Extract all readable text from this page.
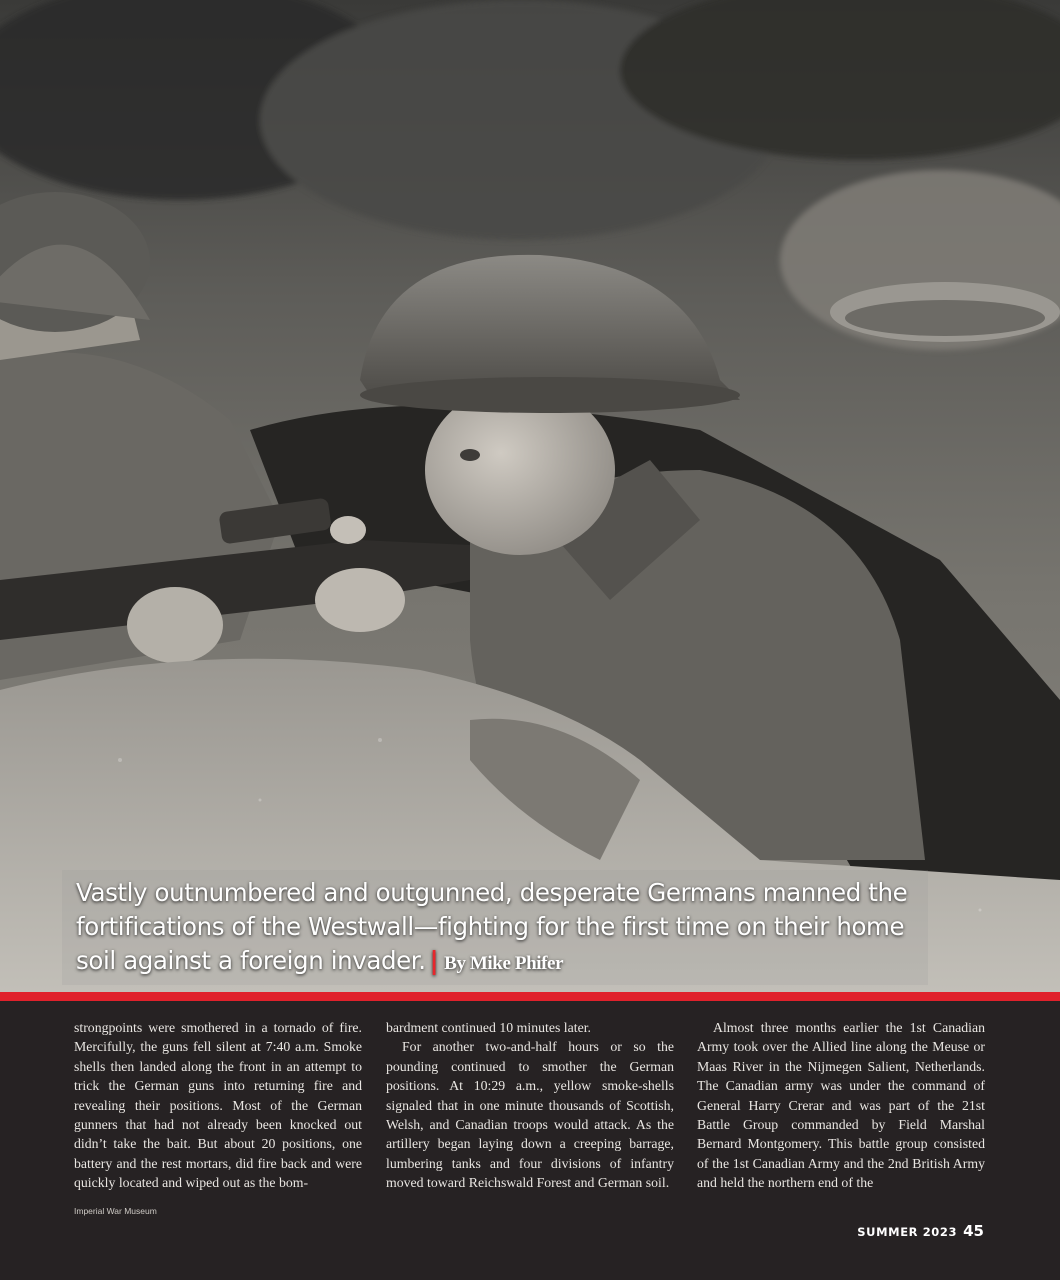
Vastly outnumbered and outgunned, desperate Germans manned the fortifications of the Westwall—fighting for the first time on their home soil against a foreign invader. | By Mike Phifer

strongpoints were smothered in a tornado of fire. Mercifully, the guns fell silent at 7:40 a.m. Smoke shells then landed along the front in an attempt to trick the German guns into returning fire and revealing their positions. Most of the German gunners that had not already been knocked out didn’t take the bait. But about 20 positions, one battery and the rest mortars, did fire back and were quickly located and wiped out as the bom-

bardment continued 10 minutes later.

For another two-and-half hours or so the pounding continued to smother the German positions. At 10:29 a.m., yellow smoke-shells signaled that in one minute thousands of Scottish, Welsh, and Canadian troops would attack. As the artillery began laying down a creeping barrage, lumbering tanks and four divisions of infantry moved toward Reichswald Forest and German soil.

Almost three months earlier the 1st Canadian Army took over the Allied line along the Meuse or Maas River in the Nijmegen Salient, Netherlands. The Canadian army was under the command of General Harry Crerar and was part of the 21st Battle Group commanded by Field Marshal Bernard Montgomery. This battle group consisted of the 1st Canadian Army and the 2nd British Army and held the northern end of the

Imperial War Museum
SUMMER 2023 45
